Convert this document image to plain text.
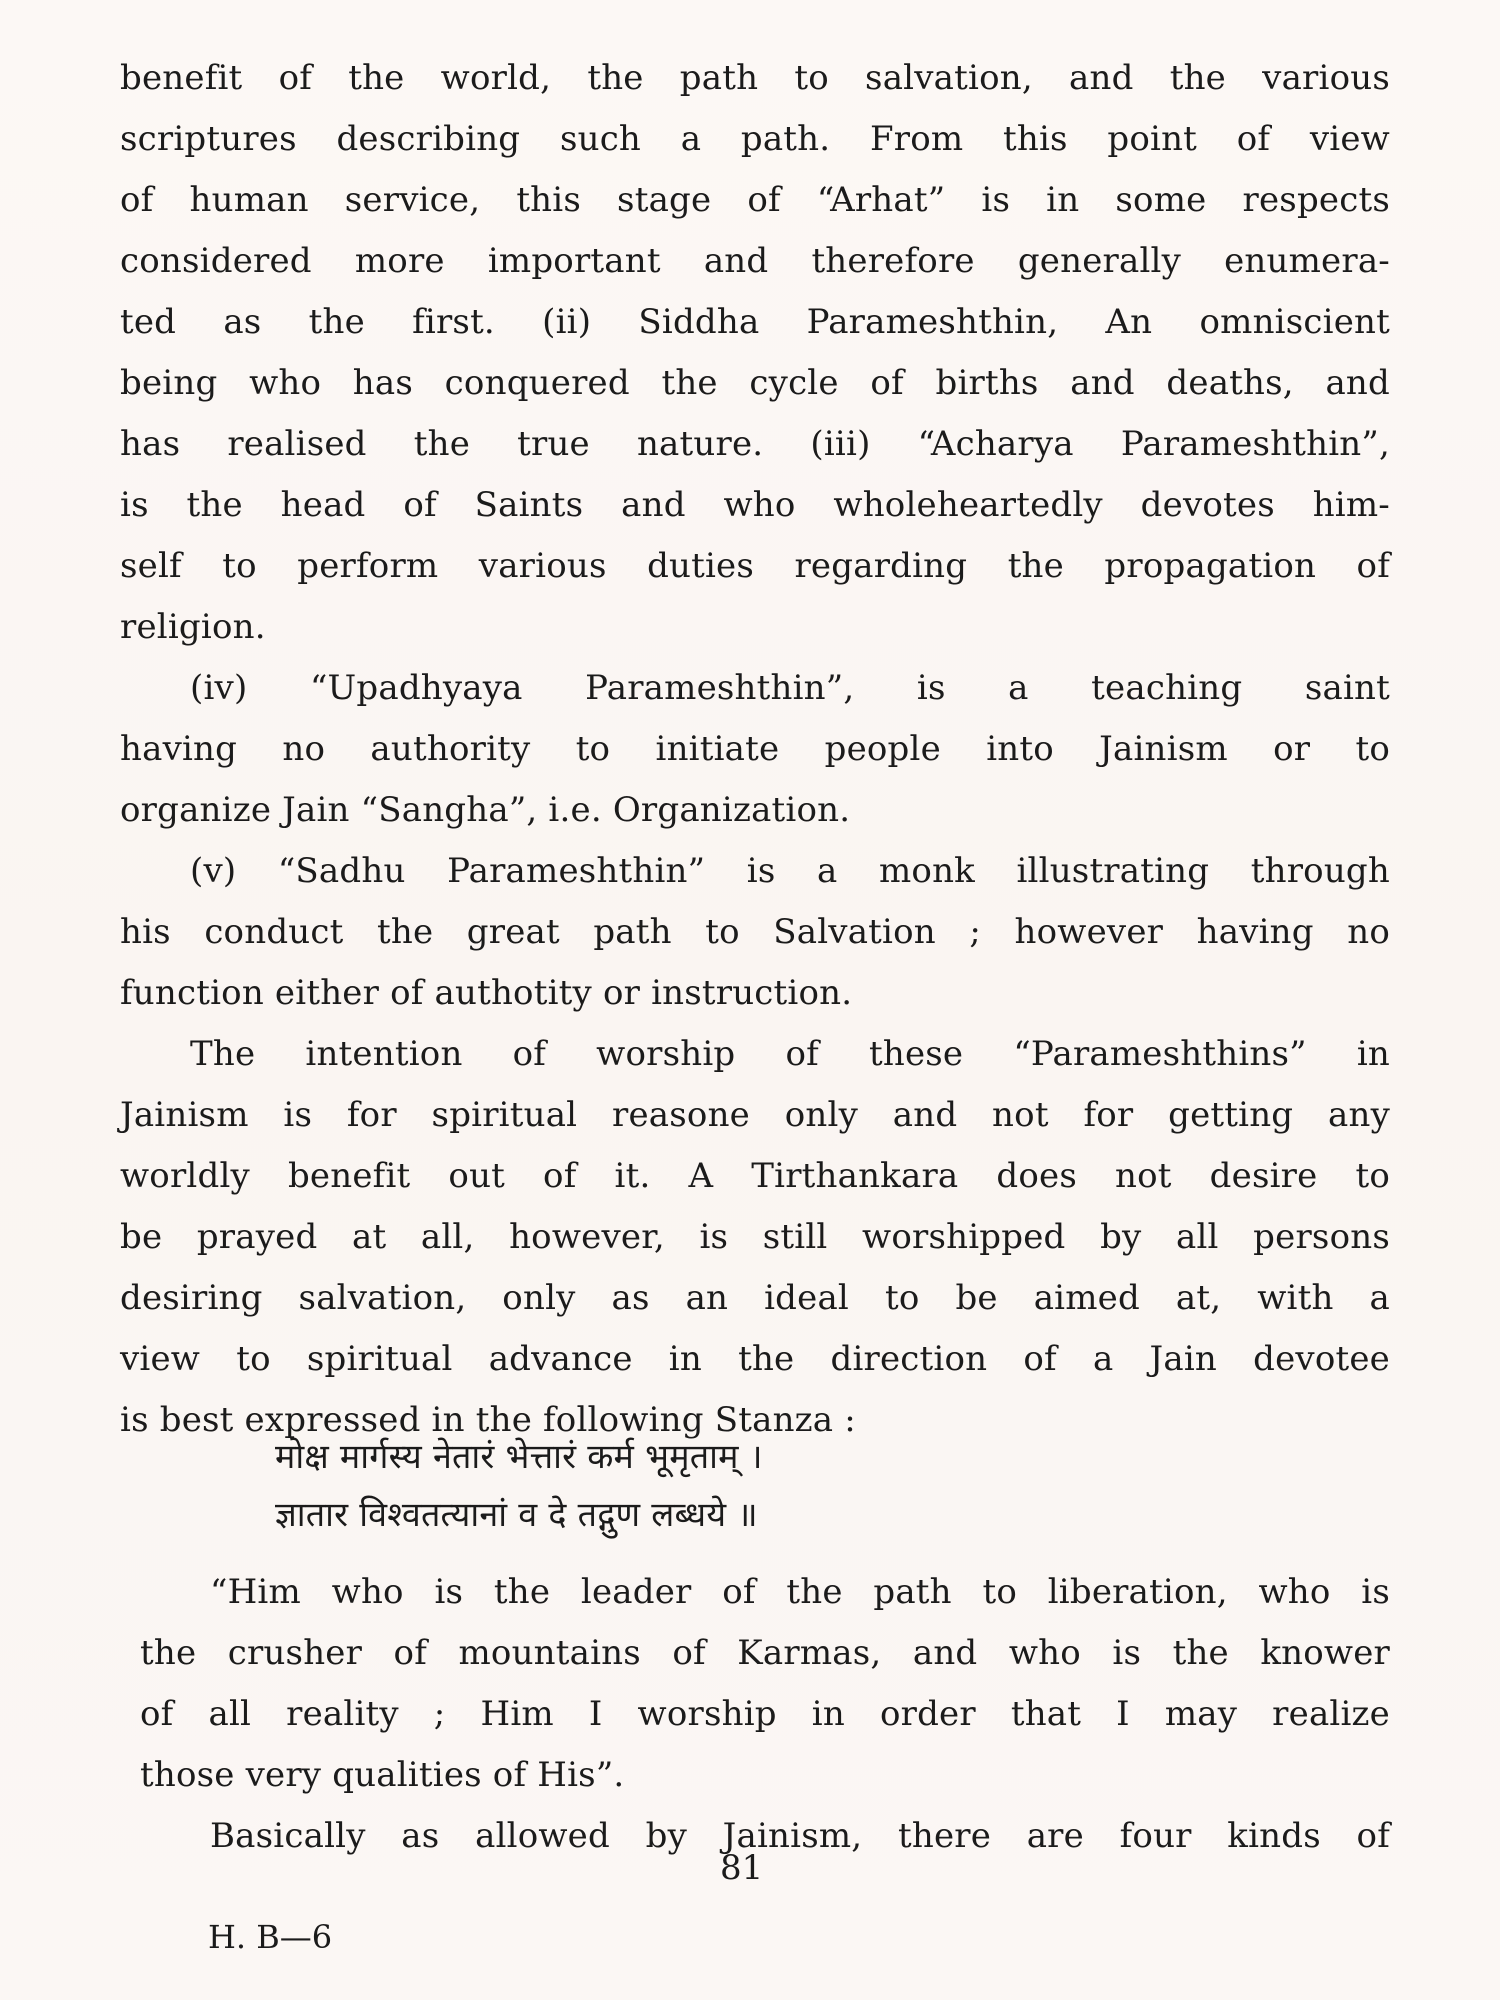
benefit of the world, the path to salvation, and the various
scriptures describing such a path. From this point of view
of human service, this stage of “Arhat” is in some respects
considered more important and therefore generally enumera-
ted as the first. (ii) Siddha Parameshthin, An omniscient
being who has conquered the cycle of births and deaths, and
has realised the true nature. (iii) “Acharya Parameshthin”,
is the head of Saints and who wholeheartedly devotes him-
self to perform various duties regarding the propagation of
religion.
(iv) “Upadhyaya Parameshthin”, is a teaching saint
having no authority to initiate people into Jainism or to
organize Jain “Sangha”, i.e. Organization.
(v) “Sadhu Parameshthin” is a monk illustrating through
his conduct the great path to Salvation ; however having no
function either of authotity or instruction.
The intention of worship of these “Parameshthins” in
Jainism is for spiritual reasone only and not for getting any
worldly benefit out of it. A Tirthankara does not desire to
be prayed at all, however, is still worshipped by all persons
desiring salvation, only as an ideal to be aimed at, with a
view to spiritual advance in the direction of a Jain devotee
is best expressed in the following Stanza :
मोक्ष मार्गस्य नेतारं भेत्तारं कर्म भूमृताम् ।
ज्ञातार विश्वतत्यानां व दे तद्गुण लब्धये ॥
“Him who is the leader of the path to liberation, who is
the crusher of mountains of Karmas, and who is the knower
of all reality ; Him I worship in order that I may realize
those very qualities of His”.
Basically as allowed by Jainism, there are four kinds of
81
H. B—6
